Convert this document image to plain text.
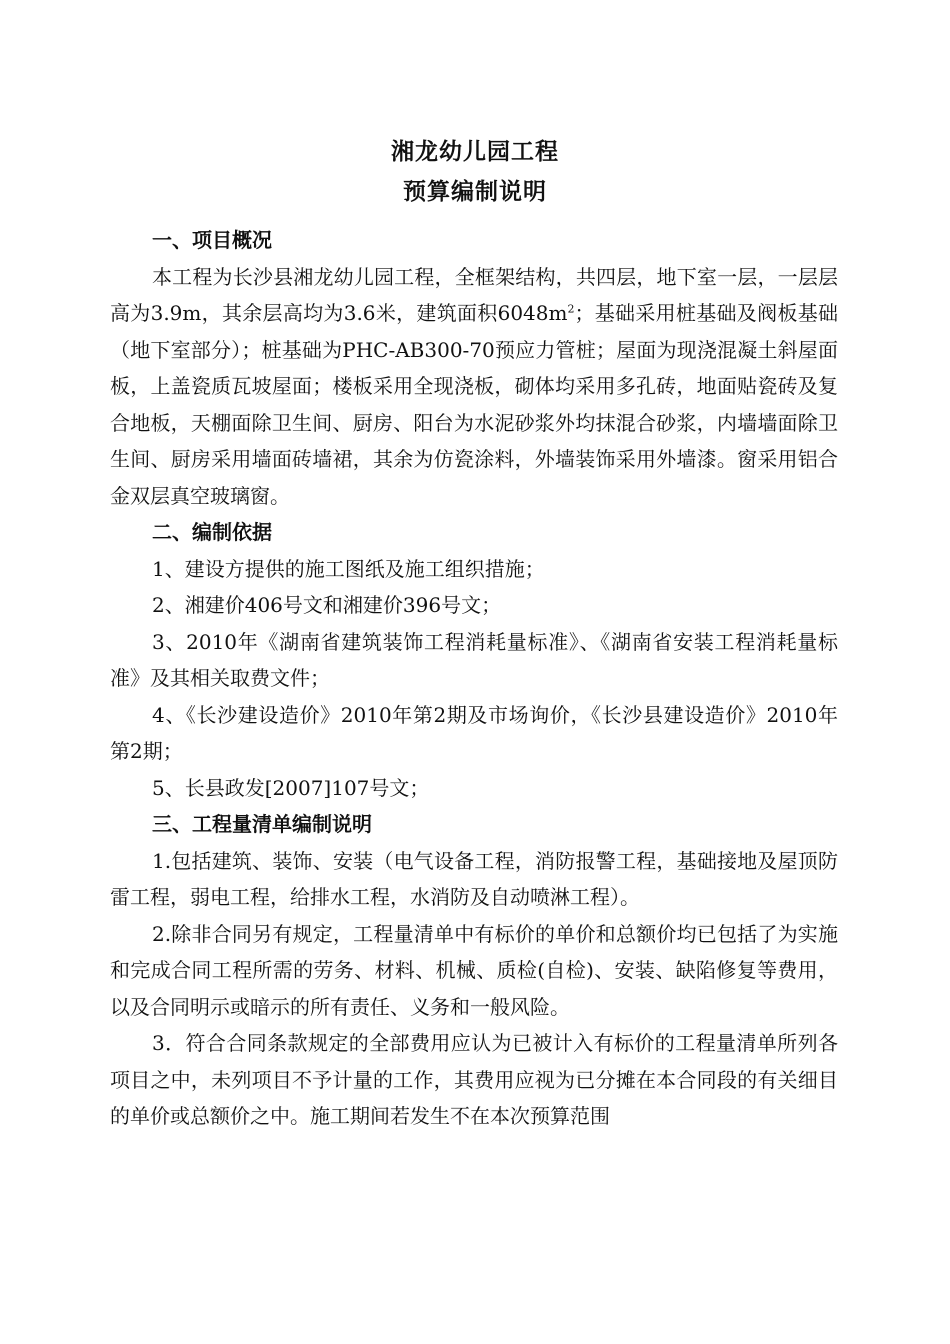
湘龙幼儿园工程
预算编制说明
一、项目概况

本工程为长沙县湘龙幼儿园工程，全框架结构，共四层，地下室一层，一层层高为3.9m，其余层高均为3.6米，建筑面积$6048m^2$；基础采用桩基础及阀板基础（地下室部分）；桩基础为PHC-AB300-70预应力管桩；屋面为现浇混凝土斜屋面板，上盖瓷质瓦坡屋面；楼板采用全现浇板，砌体均采用多孔砖，地面贴瓷砖及复合地板，天棚面除卫生间、厨房、阳台为水泥砂浆外均抹混合砂浆，内墙墙面除卫生间、厨房采用墙面砖墙裙，其余为仿瓷涂料，外墙装饰采用外墙漆。窗采用铝合金双层真空玻璃窗。

二、编制依据

1、建设方提供的施工图纸及施工组织措施；

2、湘建价406号文和湘建价396号文；

3、2010年《湖南省建筑装饰工程消耗量标准》、《湖南省安装工程消耗量标准》及其相关取费文件；

4、《长沙建设造价》2010年第2期及市场询价，《长沙县建设造价》2010年第2期；

5、长县政发[2007]107号文；

三、工程量清单编制说明

1.包括建筑、装饰、安装（电气设备工程，消防报警工程，基础接地及屋顶防雷工程，弱电工程，给排水工程，水消防及自动喷淋工程）。

2.除非合同另有规定，工程量清单中有标价的单价和总额价均已包括了为实施和完成合同工程所需的劳务、材料、机械、质检(自检)、安装、缺陷修复等费用，以及合同明示或暗示的所有责任、义务和一般风险。

3．符合合同条款规定的全部费用应认为已被计入有标价的工程量清单所列各项目之中，未列项目不予计量的工作，其费用应视为已分摊在本合同段的有关细目的单价或总额价之中。施工期间若发生不在本次预算范围
